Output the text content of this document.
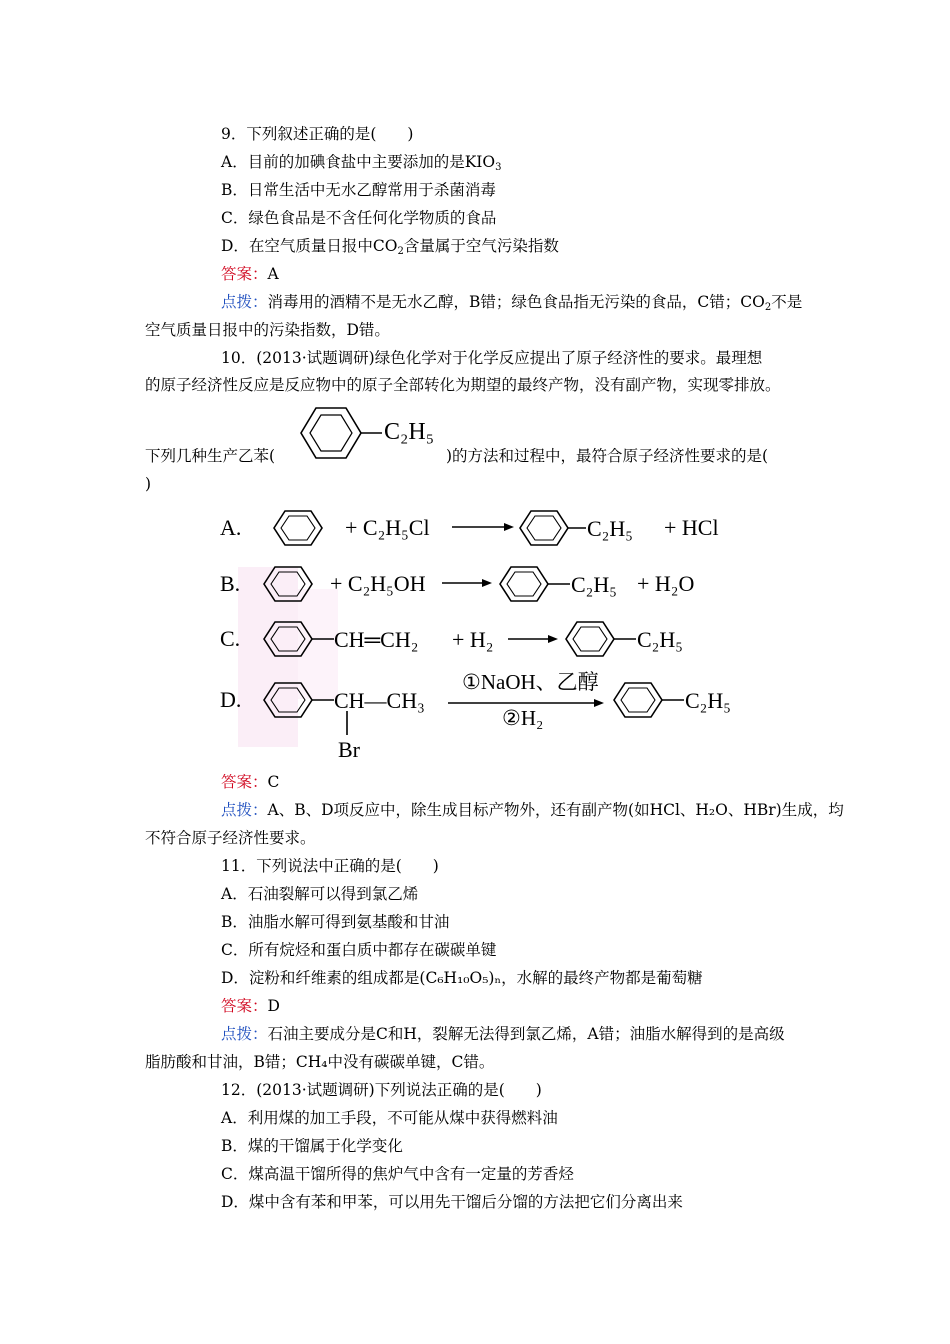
9．下列叙述正确的是(　　)
A．目前的加碘食盐中主要添加的是$KIO_3$
B．日常生活中无水乙醇常用于杀菌消毒
C．绿色食品是不含任何化学物质的食品
D．在空气质量日报中$CO_2$含量属于空气污染指数
答案：A
点拨：消毒用的酒精不是无水乙醇，B错；绿色食品指无污染的食品，C错；$CO_2$不是
空气质量日报中的污染指数，D错。
10．(2013·试题调研)绿色化学对于化学反应提出了原子经济性的要求。最理想
的原子经济性反应是反应物中的原子全部转化为期望的最终产物，没有副产物，实现零排放。
下列几种生产乙苯(	)的方法和过程中，最符合原子经济性要求的是(
)
C₂H₅
A.	+ C₂H₅Cl	C₂H₅ + HCl
B.	+ C₂H₅OH	C₂H₅ + H₂O
C.	CH═CH₂ + H₂	C₂H₅
D.	CH—CH₃
Br
①NaOH、乙醇
②H₂
C₂H₅
答案：C
点拨：A、B、D项反应中，除生成目标产物外，还有副产物(如HCl、H₂O、HBr)生成，均
不符合原子经济性要求。
11．下列说法中正确的是(　　)
A．石油裂解可以得到氯乙烯
B．油脂水解可得到氨基酸和甘油
C．所有烷烃和蛋白质中都存在碳碳单键
D．淀粉和纤维素的组成都是(C₆H₁₀O₅)ₙ，水解的最终产物都是葡萄糖
答案：D
点拨：石油主要成分是C和H，裂解无法得到氯乙烯，A错；油脂水解得到的是高级
脂肪酸和甘油，B错；CH₄中没有碳碳单键，C错。
12．(2013·试题调研)下列说法正确的是(　　)
A．利用煤的加工手段，不可能从煤中获得燃料油
B．煤的干馏属于化学变化
C．煤高温干馏所得的焦炉气中含有一定量的芳香烃
D．煤中含有苯和甲苯，可以用先干馏后分馏的方法把它们分离出来
